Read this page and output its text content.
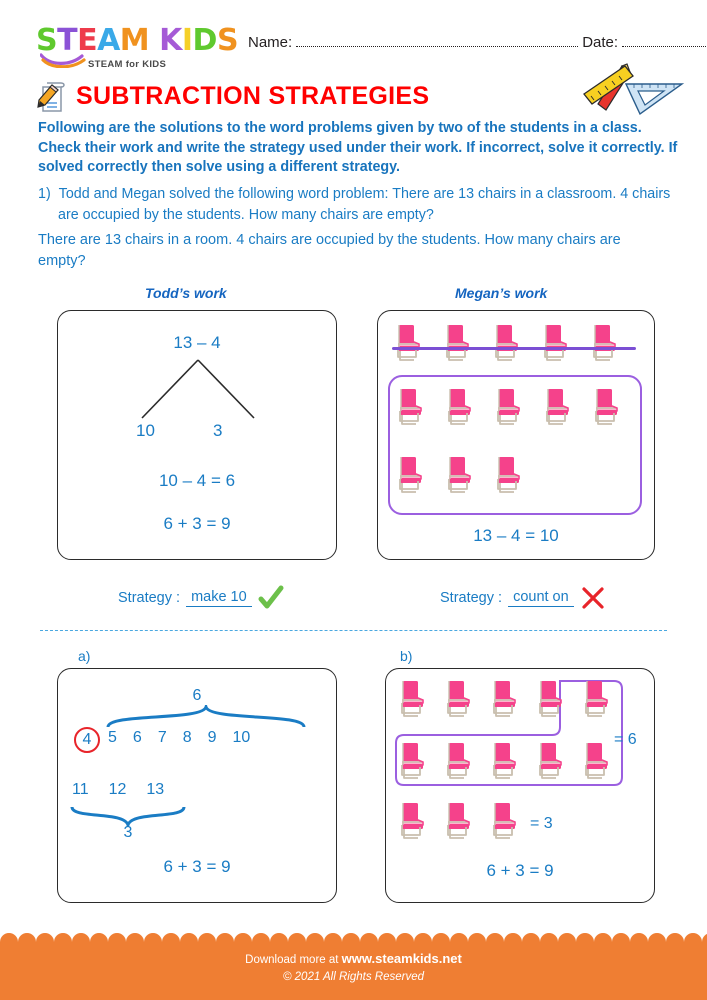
STEAM KIDS
STEAM for KIDS
Name:	Date:
SUBTRACTION STRATEGIES
Following are the solutions to the word problems given by two of the students in a class. Check their work and write the strategy used under their work. If incorrect, solve it correctly. If solved correctly then solve using a different strategy.
1) Todd and Megan solved the following word problem: There are 13 chairs in a classroom. 4 chairs are occupied by the students. How many chairs are empty?
There are 13 chairs in a room. 4 chairs are occupied by the students. How many chairs are empty?
Todd’s work
13 – 4
10	3
10 – 4 = 6
6 + 3 = 9
Megan’s work
13 – 4 = 10
Strategy : make 10	Strategy : count on
a)
6
4	5 6 7 8 9 10
11 12 13
3
6 + 3 = 9
b)
= 6
= 3
6 + 3 = 9
Download more at www.steamkids.net
© 2021 All Rights Reserved
